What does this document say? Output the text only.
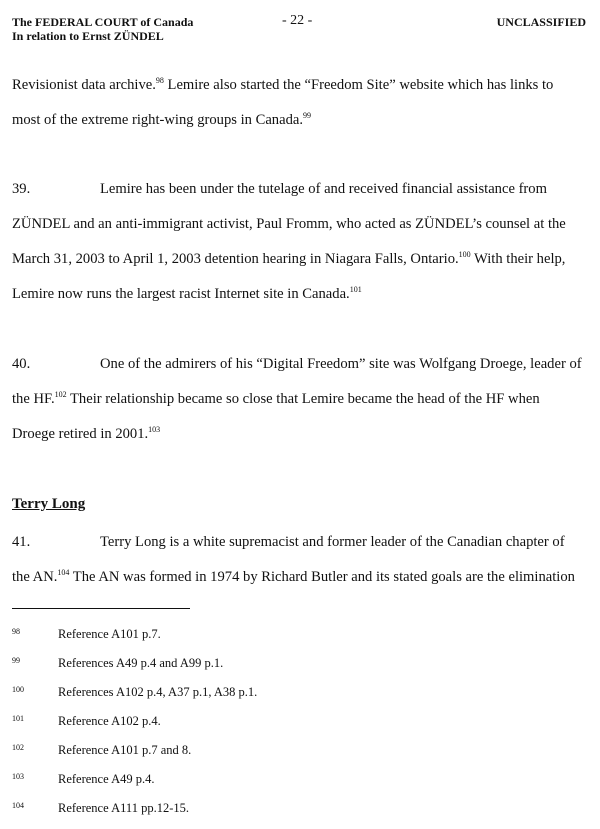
The FEDERAL COURT of Canada
In relation to Ernst ZÜNDEL
- 22 -	UNCLASSIFIED
Revisionist data archive.$^{98}$ Lemire also started the “Freedom Site” website which has links to
most of the extreme right-wing groups in Canada.$^{99}$
39.	Lemire has been under the tutelage of and received financial assistance from
ZÜNDEL and an anti-immigrant activist, Paul Fromm, who acted as ZÜNDEL’s counsel at the
March 31, 2003 to April 1, 2003 detention hearing in Niagara Falls, Ontario.$^{100}$ With their help,
Lemire now runs the largest racist Internet site in Canada.$^{101}$
40.	One of the admirers of his “Digital Freedom” site was Wolfgang Droege, leader of
the HF.$^{102}$ Their relationship became so close that Lemire became the head of the HF when
Droege retired in 2001.$^{103}$
Terry Long
41.	Terry Long is a white supremacist and former leader of the Canadian chapter of
the AN.$^{104}$ The AN was formed in 1974 by Richard Butler and its stated goals are the elimination
98	Reference A101 p.7.
99	References A49 p.4 and A99 p.1.
100	References A102 p.4, A37 p.1, A38 p.1.
101	Reference A102 p.4.
102	Reference A101 p.7 and 8.
103	Reference A49 p.4.
104	Reference A111 pp.12-15.
